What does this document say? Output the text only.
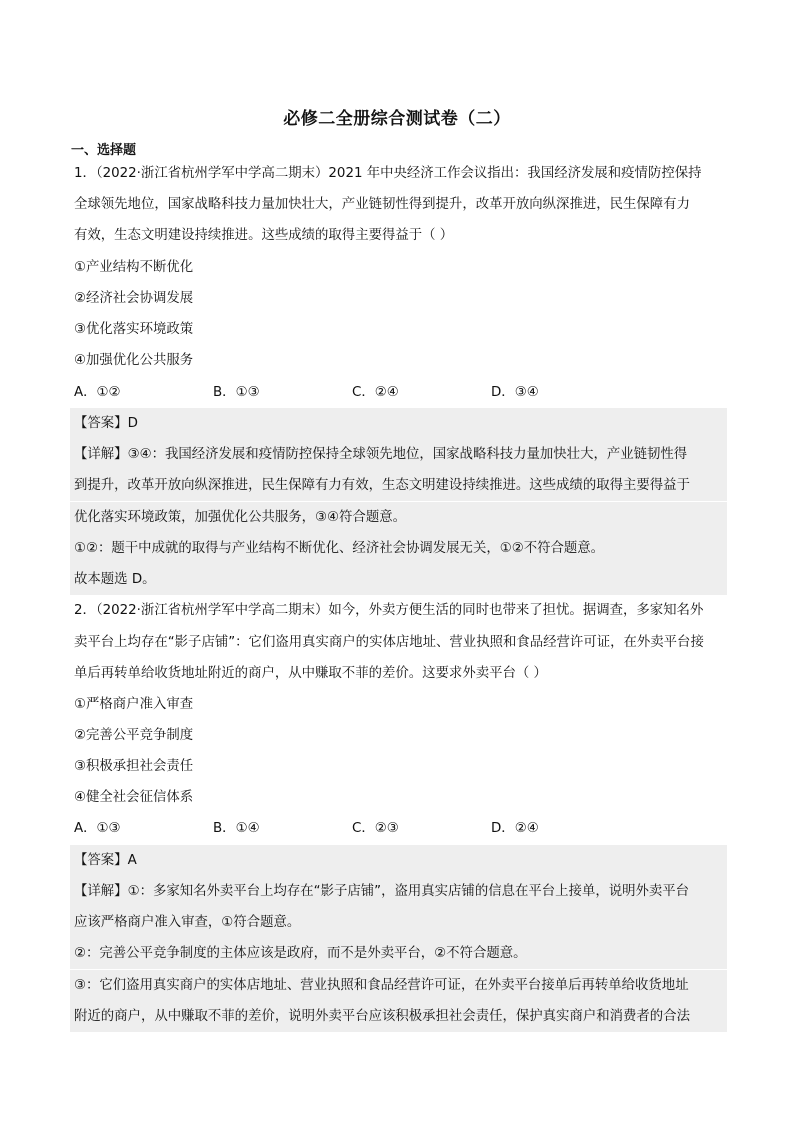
必修二全册综合测试卷（二）
一、选择题
1．（2022·浙江省杭州学军中学高二期末）2021 年中央经济工作会议指出：我国经济发展和疫情防控保持
全球领先地位，国家战略科技力量加快壮大，产业链韧性得到提升，改革开放向纵深推进，民生保障有力
有效，生态文明建设持续推进。这些成绩的取得主要得益于（ ）
①产业结构不断优化
②经济社会协调发展
③优化落实环境政策
④加强优化公共服务
A．①②	B．①③	C．②④	D．③④
【答案】D
【详解】③④：我国经济发展和疫情防控保持全球领先地位，国家战略科技力量加快壮大，产业链韧性得
到提升，改革开放向纵深推进，民生保障有力有效，生态文明建设持续推进。这些成绩的取得主要得益于
优化落实环境政策，加强优化公共服务，③④符合题意。
①②：题干中成就的取得与产业结构不断优化、经济社会协调发展无关，①②不符合题意。
故本题选 D。
2．（2022·浙江省杭州学军中学高二期末）如今，外卖方便生活的同时也带来了担忧。据调查，多家知名外
卖平台上均存在“影子店铺”：它们盗用真实商户的实体店地址、营业执照和食品经营许可证，在外卖平台接
单后再转单给收货地址附近的商户，从中赚取不菲的差价。这要求外卖平台（ ）
①严格商户准入审查
②完善公平竞争制度
③积极承担社会责任
④健全社会征信体系
A．①③	B．①④	C．②③	D．②④
【答案】A
【详解】①：多家知名外卖平台上均存在“影子店铺”，盗用真实店铺的信息在平台上接单，说明外卖平台
应该严格商户准入审查，①符合题意。
②：完善公平竞争制度的主体应该是政府，而不是外卖平台，②不符合题意。
③：它们盗用真实商户的实体店地址、营业执照和食品经营许可证，在外卖平台接单后再转单给收货地址
附近的商户，从中赚取不菲的差价，说明外卖平台应该积极承担社会责任，保护真实商户和消费者的合法
